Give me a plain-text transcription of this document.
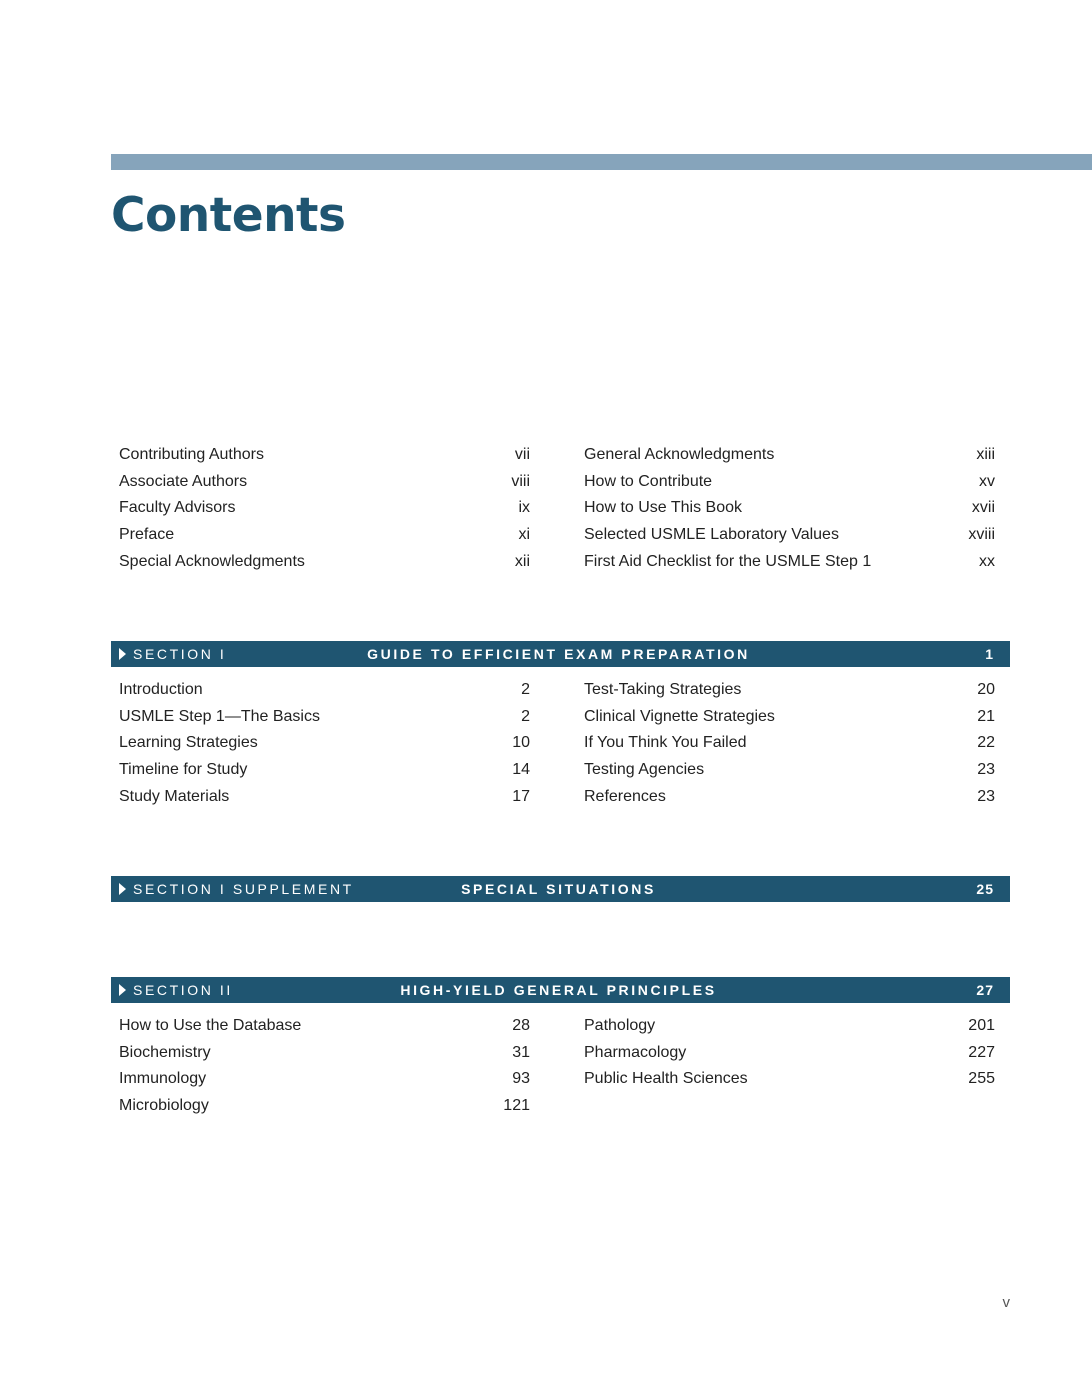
Contents
Contributing Authors	vii
Associate Authors	viii
Faculty Advisors	ix
Preface	xi
Special Acknowledgments	xii
General Acknowledgments	xiii
How to Contribute	xv
How to Use This Book	xvii
Selected USMLE Laboratory Values	xviii
First Aid Checklist for the USMLE Step 1	xx
SECTION I	GUIDE TO EFFICIENT EXAM PREPARATION	1
Introduction	2
USMLE Step 1—The Basics	2
Learning Strategies	10
Timeline for Study	14
Study Materials	17
Test-Taking Strategies	20
Clinical Vignette Strategies	21
If You Think You Failed	22
Testing Agencies	23
References	23
SECTION I SUPPLEMENT	SPECIAL SITUATIONS	25
SECTION II	HIGH-YIELD GENERAL PRINCIPLES	27
How to Use the Database	28
Biochemistry	31
Immunology	93
Microbiology	121
Pathology	201
Pharmacology	227
Public Health Sciences	255
v
